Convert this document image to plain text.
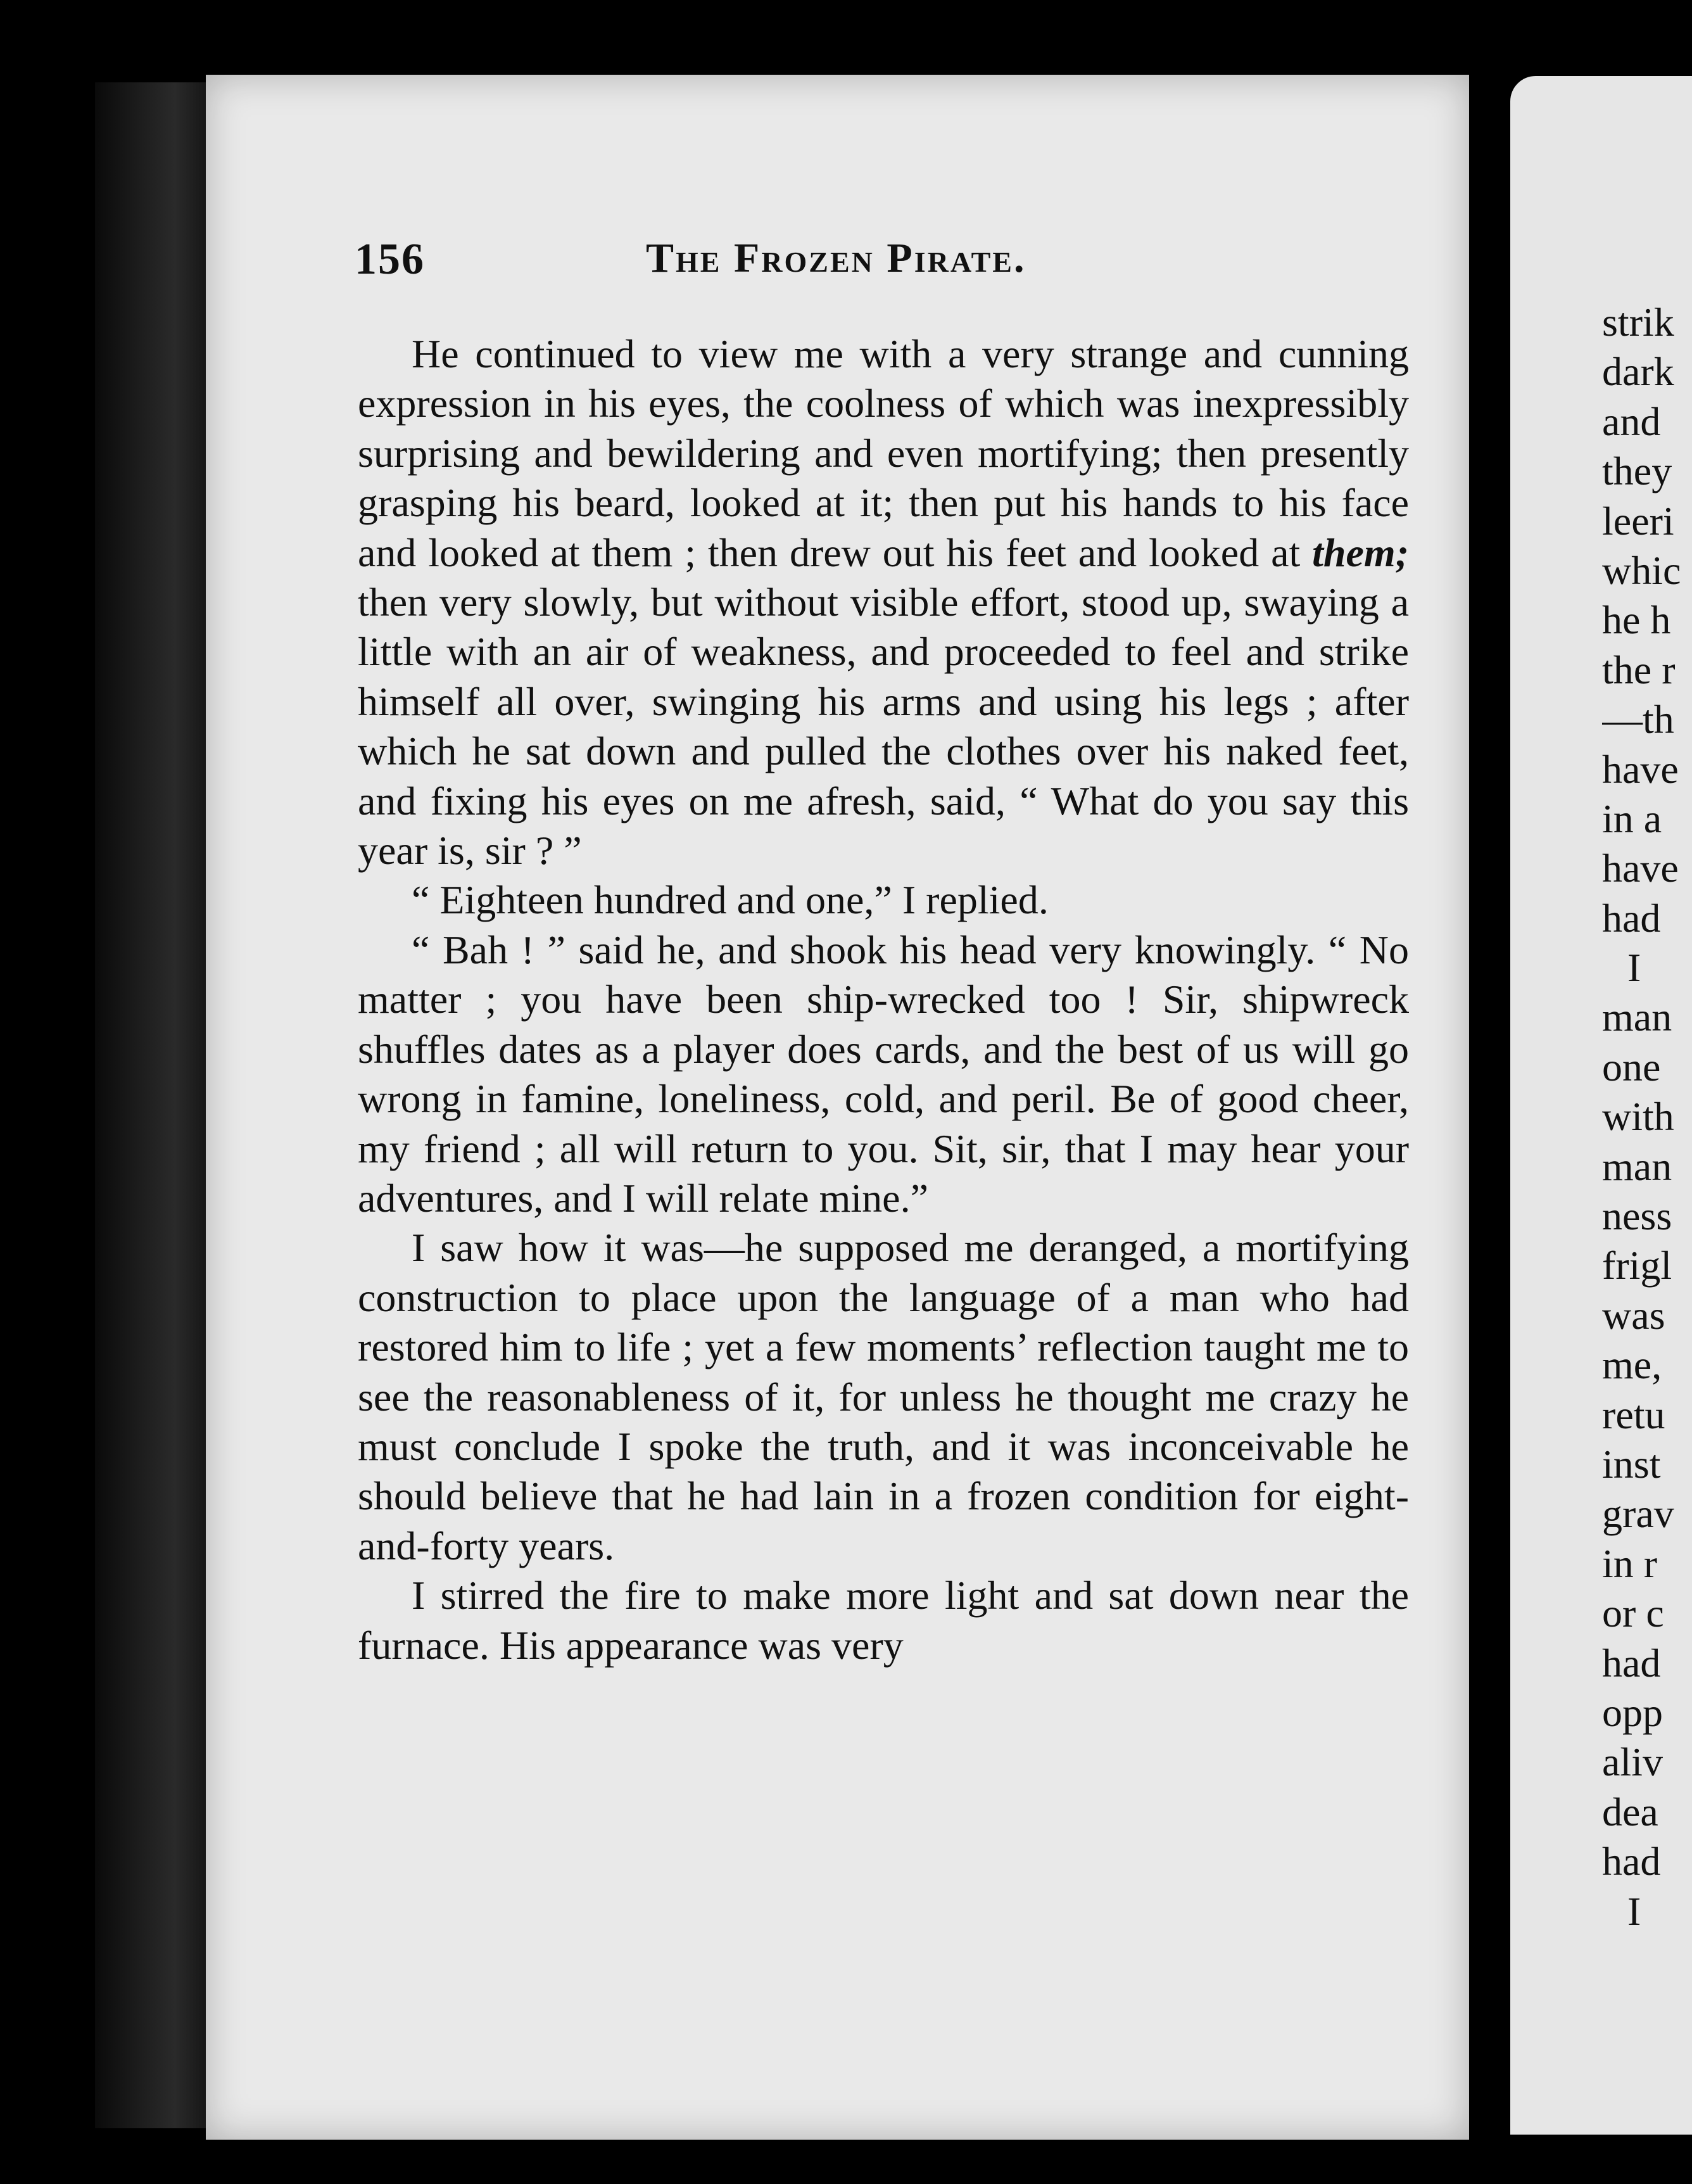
156	The Frozen Pirate.

He continued to view me with a very strange and cunning expression in his eyes, the coolness of which was inexpressibly surprising and bewildering and even mortifying; then presently grasping his beard, looked at it; then put his hands to his face and looked at them ; then drew out his feet and looked at them; then very slowly, but without visible effort, stood up, swaying a little with an air of weakness, and proceeded to feel and strike himself all over, swinging his arms and using his legs ; after which he sat down and pulled the clothes over his naked feet, and fixing his eyes on me afresh, said, “ What do you say this year is, sir ? ”

“ Eighteen hundred and one,” I replied.

“ Bah ! ” said he, and shook his head very knowingly. “ No matter ; you have been ship-wrecked too ! Sir, shipwreck shuffles dates as a player does cards, and the best of us will go wrong in famine, loneliness, cold, and peril. Be of good cheer, my friend ; all will return to you. Sit, sir, that I may hear your adventures, and I will relate mine.”

I saw how it was—he supposed me deranged, a mortifying construction to place upon the language of a man who had restored him to life ; yet a few moments’ reflection taught me to see the reasonableness of it, for unless he thought me crazy he must conclude I spoke the truth, and it was inconceivable he should believe that he had lain in a frozen condition for eight-and-forty years.

I stirred the fire to make more light and sat down near the furnace. His appearance was very

strik
dark
and
they
leeri
whic
he h
the r
—th
have
in a
have
had
I
man
one
with
man
ness
frigl
was
me,
retu
inst
grav
in r
or c
had
opp
aliv
dea
had
I
